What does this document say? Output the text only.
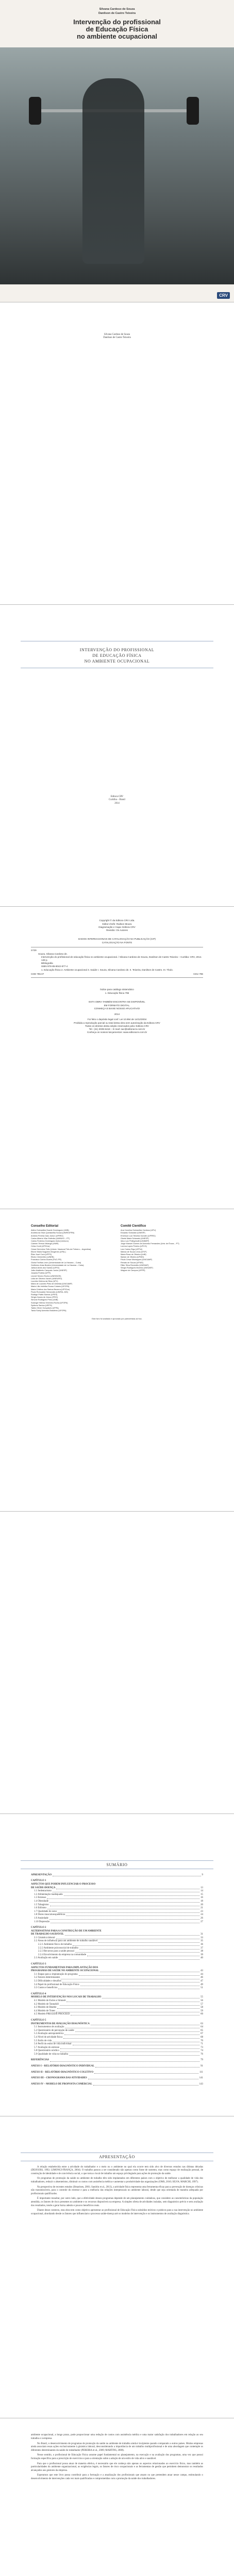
Silvana Cardoso de Souza
Danilson de Castro Teixeira
Intervenção do profissional
de Educação Física
no ambiente ocupacional
CRV
Silvana Cardoso de Souza
Danilson de Castro Teixeira
INTERVENÇÃO DO PROFISSIONAL
DE EDUCAÇÃO FÍSICA
NO AMBIENTE OCUPACIONAL
Editora CRV
Curitiba – Brasil
2014
Copyright © da Editora CRV Ltda.
Editor-chefe: Railson Moura
Diagramação e Capa: Editora CRV
Revisão: Os Autores
DADOS INTERNACIONAIS DE CATALOGAÇÃO NA PUBLICAÇÃO (CIP)
CATALOGAÇÃO NA FONTE
S729
Souza, Silvana Cardoso de.
Intervenção do profissional de educação física no ambiente ocupacional. / Silvana Cardoso de Souza, Danilson de Castro Teixeira – Curitiba: CRV, 2014.
148 p.
Bibliografia
ISBN 978-85-8042-877-4
1. Educação física 2. Ambiente ocupacional 3. Saúde I. Souza, Silvana Cardoso de. II. Teixeira, Danilson de Castro. III. Título.
CDD 796.07	CDU 796
Índice para catálogo sistemático
1. Educação física 796
ESTA OBRA TAMBÉM ENCONTRA-SE DISPONÍVEL
EM FORMATO DIGITAL.
CONHEÇA E BAIXE NOSSO APLICATIVO!
2014
Foi feito o depósito legal conf. Lei 10.994 de 14/12/2004
Proibida a reprodução parcial ou total desta obra sem autorização da Editora CRV
Todos os direitos desta edição reservados pela: Editora CRV
Tel.: (41) 3039-6418 – E-mail: sac@editoracrv.com.br
Conheça os nossos lançamentos: www.editoracrv.com.br
Conselho Editorial
Aldira Guimarães Duarte Domínguez (UNB)
Andréia da Silva Quintanilha Sousa (UNIR/UFRN)
Antônio Pereira Gaio Júnior (UFRRJ)
Carlos Alberto Vilar Estêvão (UMINHO – PT)
Carlos Federico Dominguez Avila (Unieuro)
Carmen Tereza Velanga (UNIR)
Celso Conti (UFSCar)
Cesar Gerónimo Tello (Univer. Nacional Três de Febrero – Argentina)
Elione Maria Nogueira Diogenes (UFAL)
Élsio José Corá (UFFS)
Elizeu Clementino (UNEB)
Francisco Carlos Duarte (PUC-PR)
Gloria Fariñas León (Universidade de La Havana – Cuba)
Guillermo Arias Beatón (Universidade de La Havana – Cuba)
Jailson Alves dos Santos (UFRJ)
João Adalberto Campato Junior (UNESP)
Josania Portela (UFPI)
Leonel Severo Rocha (UNISINOS)
Lídia de Oliveira Xavier (UNIEURO)
Lourdes Helena da Silva (UFV)
Maria de Lourdes Pinto de Almeida (UNICAMP)
Maria Lília Imbiriba Sousa Colares (UFOPA)
Maria Cristina dos Santos Bezerra (UFSCar)
Paulo Romualdo Hernandes (UNIFAL-MG)
Rodrigo Pratte-Santos (UFES)
Sérgio Nunes de Jesus (IFRO)
Simone Rodrigues Pinto (UNB)
Solange Helena Ximenes-Rocha (UFOPA)
Sydione Santos (UEPG)
Tadeu Oliver Gonçalves (UFPA)
Tania Suely Azevedo Brasileiro (UFOPA)
Comitê Científico
Ana Carolina Guimarães Cardoso (UFU)
Eduardo Schwartz (UNESP)
Emerson Luiz Teixeira Gondim (UFRRJ)
Gisele Maria Schwartz (UNESP)
Idico Luiz Pellegrinotti (UNIMEP)
Jorge Manuel Gomes de Azevedo Fernandes (Univ. de Évora – PT)
Lorena Lopes Pereira (UFCG)
Luiz Carlos Rigo (UFPel)
Márcia de Souza Lima (UFJF)
Maria Rosa de Oliveira (UnB)
Myrian de Oliveira (UFMG)
Paulo Cesar Montagner (UNICAMP)
Renato de Souza (UFMG)
Riller Silva Reverdito (UNEMAT)
Sérgio Rodrigues Moreira (UNIVASF)
Wagner de Campos (UFPR)
Este livro foi avaliado e aprovado por pareceristas ad hoc.
SUMÁRIO
APRESENTAÇÃO	9
CAPÍTULO 1
ASPECTOS QUE PODEM INFLUENCIAR O PROCESSO
DE SAÚDE-DOENÇA	13
1.1 Sedentarismo	14
1.2 Alimentação inadequada	15
1.3 Estresse	16
1.4 Obesidade	18
1.5 Tabagismo	20
1.6 Etilismo	21
1.7 Qualidade do sono	23
1.8 Dores musculoesqueléticas	24
1.9 Ansiedade	26
1.10 Depressão	27
CAPÍTULO 2
ALTERNATIVAS PARA A CONSTRUÇÃO DE UM AMBIENTE
DE TRABALHO SAUDÁVEL	31
2.1 Ginástica laboral	33
2.2 Áreas de influência para um ambiente de trabalho saudável	35
2.2.1 Ambiente físico de trabalho	36
2.2.2 Ambiente psicossocial de trabalho	37
2.2.3 Recursos para a saúde pessoal	38
2.2.4 Envolvimento da empresa na comunidade	39
2.3 Avaliação em saúde	40
CAPÍTULO 3
ASPECTOS FUNDAMENTAIS PARA IMPLANTAÇÃO DOS
PROGRAMAS DE SAÚDE NO AMBIENTE OCUPACIONAL	43
3.1 Etapas para a implantação do programa	44
3.2 Fatores determinantes	46
3.3 Dificuldades e desafios	47
3.4 Papel do profissional de Educação Física	49
3.5 Custos e benefícios	51
CAPÍTULO 4
MODELO DE INTERVENÇÃO NOS LOCAIS DE TRABALHO	55
4.1 Modelo de Ewles e Simnett	56
4.2 Modelo de Tannahill	57
4.3 Modelo de Beattie	58
4.4 Modelo de Tones	59
4.5 Modelo PRECEDE-PROCEED	60
CAPÍTULO 5
INSTRUMENTOS DE AVALIAÇÃO DIAGNÓSTICA	63
5.1 Instrumentos de avaliação	64
5.2 Questionário de percepção de saúde	65
5.3 Avaliação antropométrica	67
5.4 Nível de atividade física	68
5.5 Estilo de vida	70
5.6 Perfil do estilo de vida individual	71
5.7 Avaliação do estresse	73
5.8 Questionário nórdico	74
5.9 Qualidade de vida no trabalho	76
REFERÊNCIAS	79
ANEXO I – RELATÓRIO DIAGNÓSTICO INDIVIDUAL	91
ANEXO II – RELATÓRIO DIAGNÓSTICO COLETIVO	111
ANEXO III – CRONOGRAMA DAS ATIVIDADES	141
ANEXO IV – MODELO DE PROPOSTA COMERCIAL	143
APRESENTAÇÃO

A relação estabelecida entre a atividade do trabalhador e o meio ou o ambiente no qual ela ocorre tem sido alvo de diversos estudos nas últimas décadas (DEJOURS, 1992; LIMONGI-FRANÇA, 2004). O trabalho passou a ser considerado não apenas como fonte de sustento, mas como espaço de realização pessoal, de construção de identidade e de convivência social, o que torna o local de trabalho um espaço privilegiado para ações de promoção da saúde.

Os programas de promoção da saúde no ambiente de trabalho têm sido implantados em diferentes países com o objetivo de melhorar a qualidade de vida dos trabalhadores, reduzir o absenteísmo, diminuir os custos com assistência médica e aumentar a produtividade das organizações (OMS, 2010; SILVA; MARCHI, 1997).

Na perspectiva de recentes estudos (Ilmarinen, 2001; Sandrin et al., 2013), a atividade física representa uma ferramenta eficaz para a prevenção de doenças crônicas não transmissíveis, para o controle do estresse e para a melhoria das relações interpessoais no ambiente laboral, desde que seja orientada de maneira adequada por profissionais qualificados.

É importante ressaltar, por outro lado, que a efetividade desses programas depende de um planejamento cuidadoso, que considere as características da população atendida, os fatores de risco presentes no ambiente e os recursos disponíveis na empresa. A simples oferta de atividades isoladas, sem diagnóstico prévio e sem avaliação dos resultados, tende a gerar baixa adesão e poucos benefícios reais.

Diante desse contexto, esta obra tem como objetivo apresentar ao profissional de Educação Física subsídios teóricos e práticos para a sua intervenção no ambiente ocupacional, abordando desde os fatores que influenciam o processo saúde-doença até os modelos de intervenção e os instrumentos de avaliação diagnóstica.

ambiente ocupacional, a longo prazo, pode proporcionar uma redução de custos com assistência médica e uma maior satisfação dos trabalhadores em relação ao seu trabalho e à empresa.

No Brasil, o desenvolvimento de programas de promoção da saúde no ambiente de trabalho ainda é incipiente quando comparado a outros países. Muitas empresas ainda associam essas ações exclusivamente à ginástica laboral, desconsiderando a importância de um trabalho multiprofissional e de uma abordagem que contemple os diferentes determinantes da saúde do trabalhador (PEREIRA et al., 2009; MARTINS, 2008).

Nesse sentido, o profissional de Educação Física assume papel fundamental no planejamento, na execução e na avaliação dos programas, uma vez que possui formação específica para a prescrição de exercícios e para a orientação sobre a adoção de um estilo de vida ativo e saudável.

Para que o profissional possa atuar de maneira efetiva, é necessário que ele conheça não apenas os aspectos relacionados ao exercício físico, mas também as particularidades do ambiente organizacional, as exigências legais, os fatores de risco ocupacionais e as ferramentas de gestão que permitem demonstrar os resultados alcançados aos gestores da empresa.

Esperamos que este livro possa contribuir para a formação e a atualização dos profissionais que atuam ou que pretendem atuar nesse campo, estimulando o desenvolvimento de intervenções cada vez mais qualificadas e comprometidas com a promoção da saúde dos trabalhadores.
